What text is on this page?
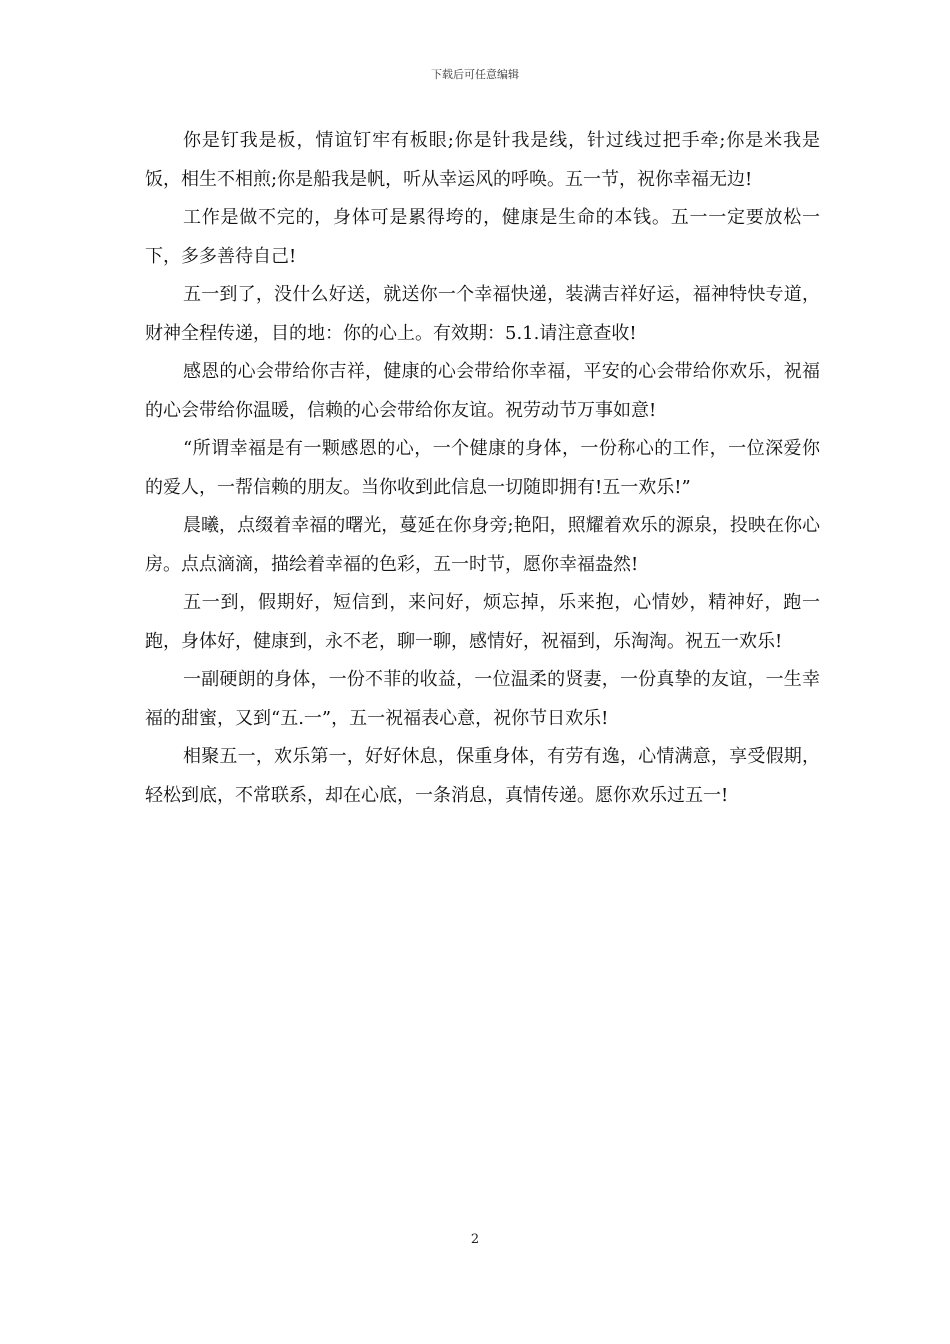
下载后可任意编辑

你是钉我是板，情谊钉牢有板眼;你是针我是线，针过线过把手牵;你是米我是饭，相生不相煎;你是船我是帆，听从幸运风的呼唤。五一节，祝你幸福无边!

工作是做不完的，身体可是累得垮的，健康是生命的本钱。五一一定要放松一下，多多善待自己!

五一到了，没什么好送，就送你一个幸福快递，装满吉祥好运，福神特快专道，财神全程传递，目的地：你的心上。有效期：5.1.请注意查收!

感恩的心会带给你吉祥，健康的心会带给你幸福，平安的心会带给你欢乐，祝福的心会带给你温暖，信赖的心会带给你友谊。祝劳动节万事如意!

“所谓幸福是有一颗感恩的心，一个健康的身体，一份称心的工作，一位深爱你的爱人，一帮信赖的朋友。当你收到此信息一切随即拥有!五一欢乐!”

晨曦，点缀着幸福的曙光，蔓延在你身旁;艳阳，照耀着欢乐的源泉，投映在你心房。点点滴滴，描绘着幸福的色彩，五一时节，愿你幸福盎然!

五一到，假期好，短信到，来问好，烦忘掉，乐来抱，心情妙，精神好，跑一跑，身体好，健康到，永不老，聊一聊，感情好，祝福到，乐淘淘。祝五一欢乐!

一副硬朗的身体，一份不菲的收益，一位温柔的贤妻，一份真挚的友谊，一生幸福的甜蜜，又到“五.一”，五一祝福表心意，祝你节日欢乐!

相聚五一，欢乐第一，好好休息，保重身体，有劳有逸，心情满意，享受假期，轻松到底，不常联系，却在心底，一条消息，真情传递。愿你欢乐过五一!

2
